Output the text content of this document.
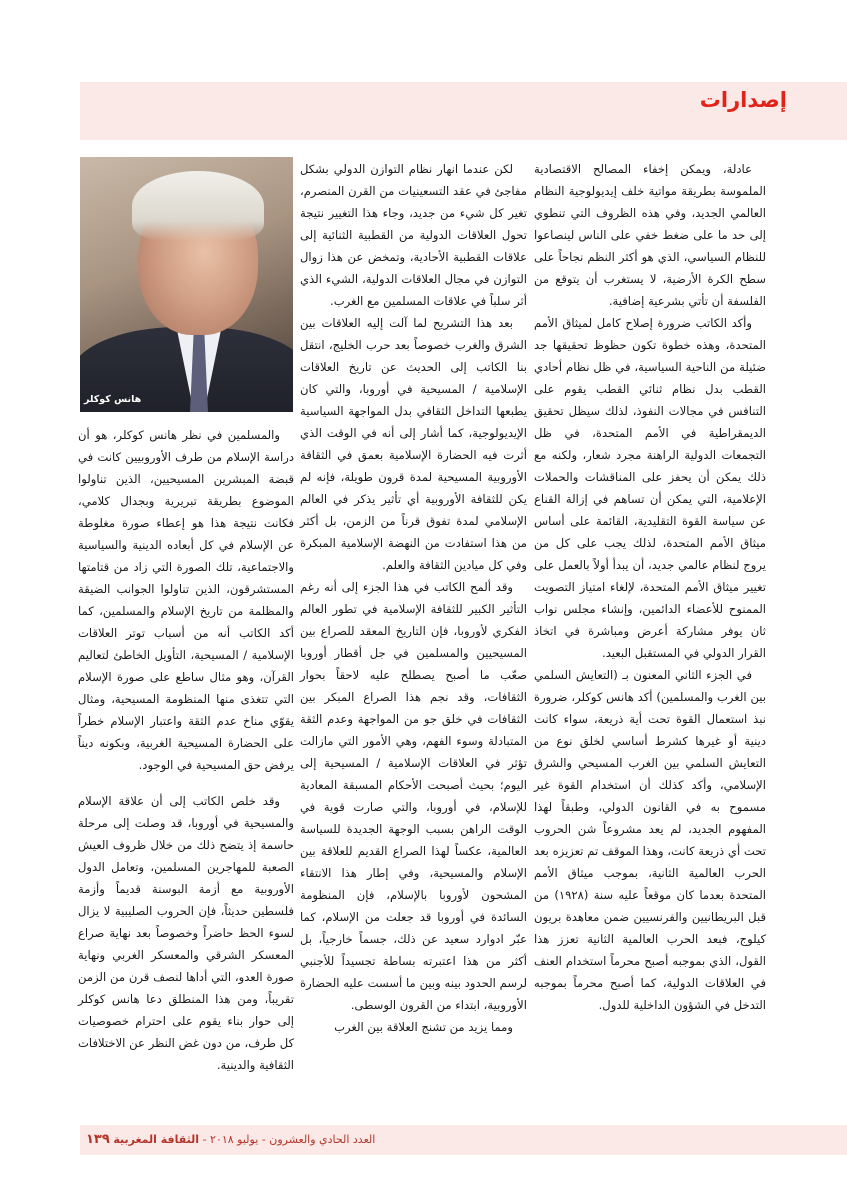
إصدارات

عادلة، ويمكن إخفاء المصالح الاقتصادية الملموسة بطريقة مواتية خلف إيديولوجية النظام العالمي الجديد، وفي هذه الظروف التي تنطوي إلى حد ما على ضغط خفي على الناس لينصاعوا للنظام السياسي، الذي هو أكثر النظم نجاحاً على سطح الكرة الأرضية، لا يستغرب أن يتوقع من الفلسفة أن تأتي بشرعية إضافية.

وأكد الكاتب ضرورة إصلاح كامل لميثاق الأمم المتحدة، وهذه خطوة تكون حظوظ تحقيقها جد ضئيلة من الناحية السياسية، في ظل نظام أحادي القطب بدل نظام ثنائي القطب يقوم على التنافس في مجالات النفوذ، لذلك سيظل تحقيق الديمقراطية في الأمم المتحدة، في ظل التجمعات الدولية الراهنة مجرد شعار، ولكنه مع ذلك يمكن أن يحفز على المناقشات والحملات الإعلامية، التي يمكن أن تساهم في إزالة القناع عن سياسة القوة التقليدية، القائمة على أساس ميثاق الأمم المتحدة، لذلك يجب على كل من يروج لنظام عالمي جديد، أن يبدأ أولاً بالعمل على تغيير ميثاق الأمم المتحدة، لإلغاء امتياز التصويت الممنوح للأعضاء الدائمين، وإنشاء مجلس نواب ثان يوفر مشاركة أعرض ومباشرة في اتخاذ القرار الدولي في المستقبل البعيد.

في الجزء الثاني المعنون بـ (التعايش السلمي بين الغرب والمسلمين) أكد هانس كوكلر، ضرورة نبذ استعمال القوة تحت أية ذريعة، سواء كانت دينية أو غيرها كشرط أساسي لخلق نوع من التعايش السلمي بين الغرب المسيحي والشرق الإسلامي، وأكد كذلك أن استخدام القوة غير مسموح به في القانون الدولي، وطبقاً لهذا المفهوم الجديد، لم يعد مشروعاً شن الحروب تحت أي ذريعة كانت، وهذا الموقف تم تعزيزه بعد الحرب العالمية الثانية، بموجب ميثاق الأمم المتحدة بعدما كان موقعاً عليه سنة (١٩٢٨) من قبل البريطانيين والفرنسيين ضمن معاهدة بريون كيلوج، فبعد الحرب العالمية الثانية تعزز هذا القول، الذي بموجبه أصبح محرماً استخدام العنف في العلاقات الدولية، كما أصبح محرماً بموجبه التدخل في الشؤون الداخلية للدول.

لكن عندما انهار نظام التوازن الدولي بشكل مفاجئ في عقد التسعينيات من القرن المنصرم، تغير كل شيء من جديد، وجاء هذا التغيير نتيجة تحول العلاقات الدولية من القطبية الثنائية إلى علاقات القطبية الأحادية، وتمخض عن هذا زوال التوازن في مجال العلاقات الدولية، الشيء الذي أثر سلباً في علاقات المسلمين مع الغرب.

بعد هذا التشريح لما آلت إليه العلاقات بين الشرق والغرب خصوصاً بعد حرب الخليج، انتقل بنا الكاتب إلى الحديث عن تاريخ العلاقات الإسلامية / المسيحية في أوروبا، والتي كان يطبعها التداخل الثقافي بدل المواجهة السياسية الإيديولوجية، كما أشار إلى أنه في الوقت الذي أثرت فيه الحضارة الإسلامية بعمق في الثقافة الأوروبية المسيحية لمدة قرون طويلة، فإنه لم يكن للثقافة الأوروبية أي تأثير يذكر في العالم الإسلامي لمدة تفوق قرناً من الزمن، بل أكثر من هذا استفادت من النهضة الإسلامية المبكرة وفي كل ميادين الثقافة والعلم.

وقد ألمح الكاتب في هذا الجزء إلى أنه رغم التأثير الكبير للثقافة الإسلامية في تطور العالم الفكري لأوروبا، فإن التاريخ المعقد للصراع بين المسيحيين والمسلمين في جل أقطار أوروبا صعّب ما أصبح يصطلح عليه لاحقاً بحوار الثقافات، وقد نجم هذا الصراع المبكر بين الثقافات في خلق جو من المواجهة وعدم الثقة المتبادلة وسوء الفهم، وهي الأمور التي مازالت تؤثر في العلاقات الإسلامية / المسيحية إلى اليوم؛ بحيث أصبحت الأحكام المسبقة المعادية للإسلام، في أوروبا، والتي صارت قوية في الوقت الراهن بسبب الوجهة الجديدة للسياسة العالمية، عكساً لهذا الصراع القديم للعلاقة بين الإسلام والمسيحية، وفي إطار هذا الانتقاء المشحون لأوروبا بالإسلام، فإن المنظومة السائدة في أوروبا قد جعلت من الإسلام، كما عبّر ادوارد سعيد عن ذلك، جسماً خارجياً، بل أكثر من هذا اعتبرته بساطة تجسيداً للأجنبي لرسم الحدود بينه وبين ما أسست عليه الحضارة الأوروبية، ابتداء من القرون الوسطى.

ومما يزيد من تشنج العلاقة بين الغرب

هانس كوكلر

والمسلمين في نظر هانس كوكلر، هو أن دراسة الإسلام من طرف الأوروبيين كانت في قبضة المبشرين المسيحيين، الذين تناولوا الموضوع بطريقة تبريرية وبجدال كلامي، فكانت نتيجة هذا هو إعطاء صورة مغلوطة عن الإسلام في كل أبعاده الدينية والسياسية والاجتماعية، تلك الصورة التي زاد من قتامتها المستشرقون، الذين تناولوا الجوانب الضيقة والمظلمة من تاريخ الإسلام والمسلمين، كما أكد الكاتب أنه من أسباب توتر العلاقات الإسلامية / المسيحية، التأويل الخاطئ لتعاليم القرآن، وهو مثال ساطع على صورة الإسلام التي تتغذى منها المنظومة المسيحية، ومثال يقوّي مناخ عدم الثقة واعتبار الإسلام خطراً على الحضارة المسيحية الغربية، وبكونه ديناً يرفض حق المسيحية في الوجود.

وقد خلص الكاتب إلى أن علاقة الإسلام والمسيحية في أوروبا، قد وصلت إلى مرحلة حاسمة إذ يتضح ذلك من خلال ظروف العيش الصعبة للمهاجرين المسلمين، وتعامل الدول الأوروبية مع أزمة البوسنة قديماً وأزمة فلسطين حديثاً، فإن الحروب الصليبية لا يزال لسوء الحظ حاضراً وخصوصاً بعد نهاية صراع المعسكر الشرقي والمعسكر الغربي ونهاية صورة العدو، التي أداها لنصف قرن من الزمن تقريباً، ومن هذا المنطلق دعا هانس كوكلر إلى حوار بناء يقوم على احترام خصوصيات كل طرف، من دون غض النظر عن الاختلافات الثقافية والدينية.

العدد الحادي والعشرون - يوليو ٢٠١٨ - الثقافة المغربية ١٣٩
